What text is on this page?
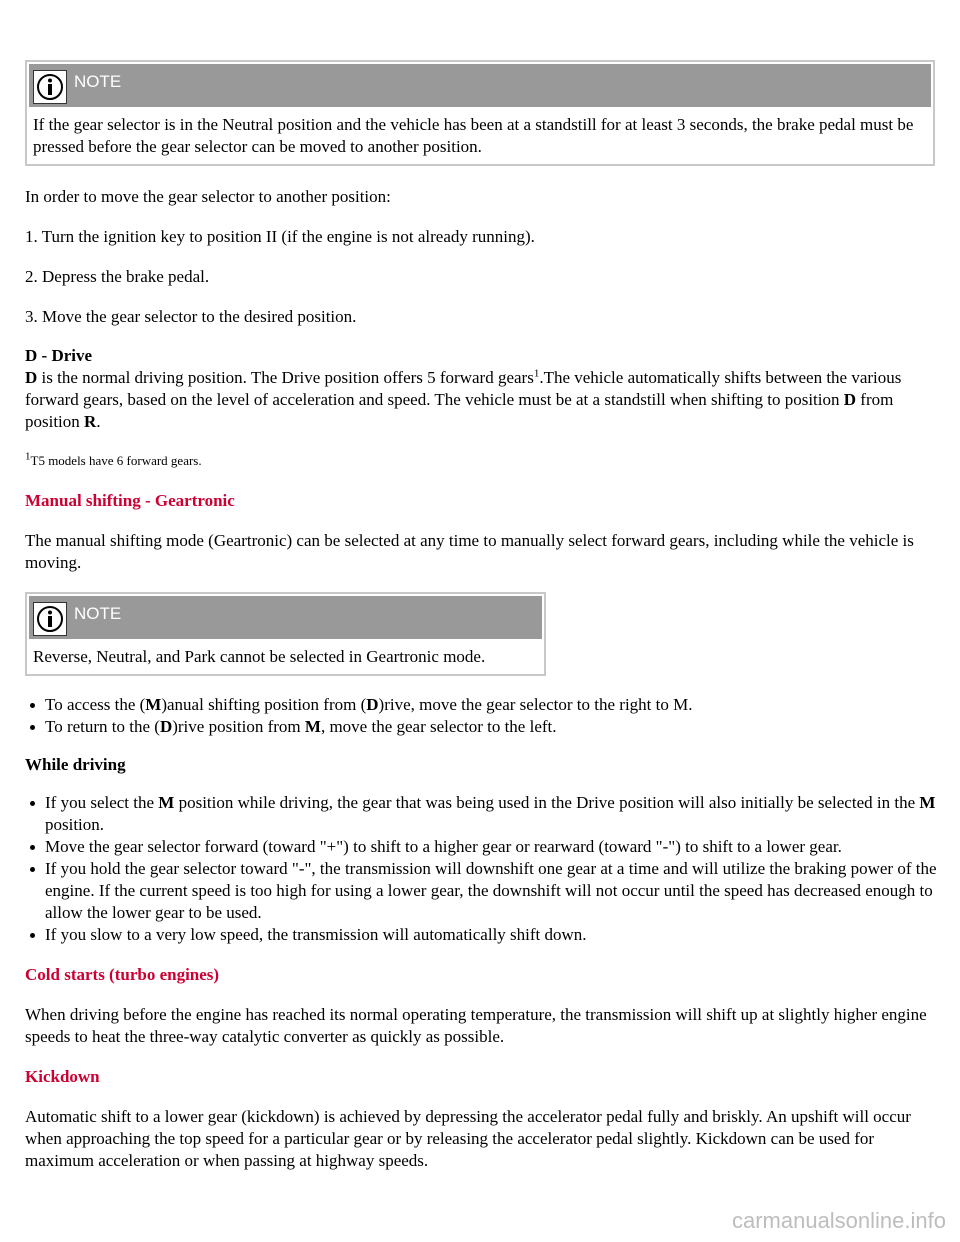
NOTE
If the gear selector is in the Neutral position and the vehicle has been at a standstill for at least 3 seconds, the brake pedal must be pressed before the gear selector can be moved to another position.

In order to move the gear selector to another position:

1. Turn the ignition key to position II (if the engine is not already running).

2. Depress the brake pedal.

3. Move the gear selector to the desired position.

D - Drive

D is the normal driving position. The Drive position offers 5 forward gears$^1$.The vehicle automatically shifts between the various forward gears, based on the level of acceleration and speed. The vehicle must be at a standstill when shifting to position D from position R.

$^1$T5 models have 6 forward gears.

Manual shifting - Geartronic

The manual shifting mode (Geartronic) can be selected at any time to manually select forward gears, including while the vehicle is moving.

NOTE
Reverse, Neutral, and Park cannot be selected in Geartronic mode.
To access the (M)anual shifting position from (D)rive, move the gear selector to the right to M.
To return to the (D)rive position from M, move the gear selector to the left.

While driving

If you select the M position while driving, the gear that was being used in the Drive position will also initially be selected in the M position.
Move the gear selector forward (toward "+") to shift to a higher gear or rearward (toward "-") to shift to a lower gear.
If you hold the gear selector toward "-", the transmission will downshift one gear at a time and will utilize the braking power of the engine. If the current speed is too high for using a lower gear, the downshift will not occur until the speed has decreased enough to allow the lower gear to be used.
If you slow to a very low speed, the transmission will automatically shift down.

Cold starts (turbo engines)

When driving before the engine has reached its normal operating temperature, the transmission will shift up at slightly higher engine speeds to heat the three-way catalytic converter as quickly as possible.

Kickdown

Automatic shift to a lower gear (kickdown) is achieved by depressing the accelerator pedal fully and briskly. An upshift will occur when approaching the top speed for a particular gear or by releasing the accelerator pedal slightly. Kickdown can be used for maximum acceleration or when passing at highway speeds.

carmanualsonline.info
